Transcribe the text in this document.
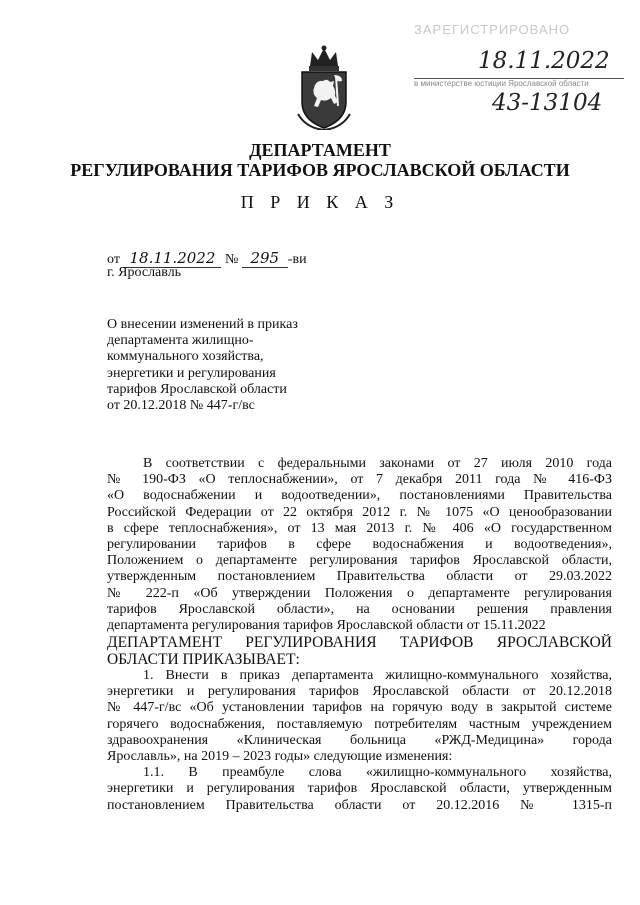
ЗАРЕГИСТРИРОВАНО
18.11.2022
в министерстве юстиции Ярославской области
43-13104
ДЕПАРТАМЕНТ
РЕГУЛИРОВАНИЯ ТАРИФОВ ЯРОСЛАВСКОЙ ОБЛАСТИ
П Р И К А З
от 18.11.2022 № 295 -ви
г. Ярославль

О внесении изменений в приказ

департамента жилищно-

коммунального хозяйства,

энергетики и регулирования

тарифов Ярославской области

от 20.12.2018 № 447-г/вс

В соответствии с федеральными законами от 27 июля 2010 года
№ 190-ФЗ «О теплоснабжении», от 7 декабря 2011 года № 416-ФЗ
«О водоснабжении и водоотведении», постановлениями Правительства
Российской Федерации от 22 октября 2012 г. № 1075 «О ценообразовании
в сфере теплоснабжения», от 13 мая 2013 г. № 406 «О государственном
регулировании тарифов в сфере водоснабжения и водоотведения»,
Положением о департаменте регулирования тарифов Ярославской области,
утвержденным постановлением Правительства области от 29.03.2022
№ 222-п «Об утверждении Положения о департаменте регулирования
тарифов Ярославской области», на основании решения правления
департамента регулирования тарифов Ярославской области от 15.11.2022
ДЕПАРТАМЕНТ РЕГУЛИРОВАНИЯ ТАРИФОВ ЯРОСЛАВСКОЙ
ОБЛАСТИ ПРИКАЗЫВАЕТ:
1. Внести в приказ департамента жилищно-коммунального хозяйства,
энергетики и регулирования тарифов Ярославской области от 20.12.2018
№ 447-г/вс «Об установлении тарифов на горячую воду в закрытой системе
горячего водоснабжения, поставляемую потребителям частным учреждением
здравоохранения «Клиническая больница «РЖД-Медицина» города
Ярославль», на 2019 – 2023 годы» следующие изменения:
1.1. В преамбуле слова «жилищно-коммунального хозяйства,
энергетики и регулирования тарифов Ярославской области, утвержденным
постановлением Правительства области от 20.12.2016 № 1315-п
